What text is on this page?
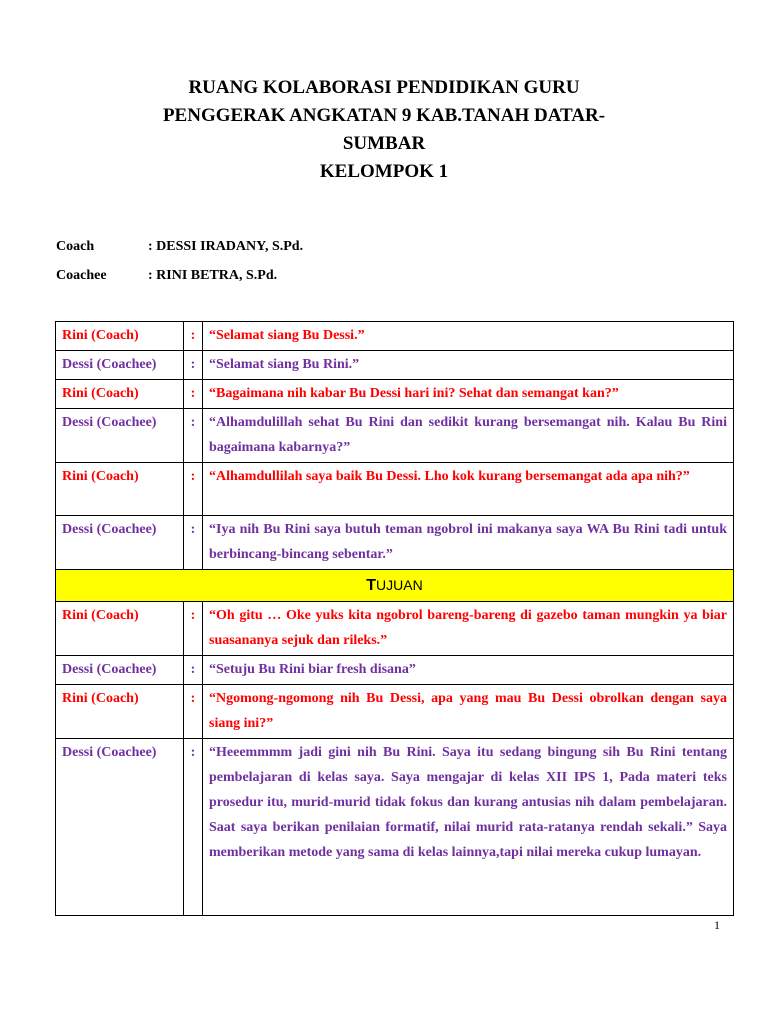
RUANG KOLABORASI PENDIDIKAN GURU
PENGGERAK ANGKATAN 9 KAB.TANAH DATAR-
SUMBAR
KELOMPOK 1
Coach	: DESSI IRADANY, S.Pd.
Coachee	: RINI BETRA, S.Pd.
Rini (Coach)	:	“Selamat siang Bu Dessi.”
Dessi (Coachee)	:	“Selamat siang Bu Rini.”
Rini (Coach)	:	“Bagaimana nih kabar Bu Dessi hari ini? Sehat dan semangat kan?”
Dessi (Coachee)	:	“Alhamdulillah sehat Bu Rini dan sedikit kurang bersemangat nih. Kalau Bu Rini bagaimana kabarnya?”
Rini (Coach)	:	“Alhamdullilah saya baik Bu Dessi. Lho kok kurang bersemangat ada apa nih?”
Dessi (Coachee)	:	“Iya nih Bu Rini saya butuh teman ngobrol ini makanya saya WA Bu Rini tadi untuk berbincang-bincang sebentar.”
TUJUAN		
Rini (Coach)	:	“Oh gitu … Oke yuks kita ngobrol bareng-bareng di gazebo taman mungkin ya biar suasananya sejuk dan rileks.”
Dessi (Coachee)	:	“Setuju Bu Rini biar fresh disana”
Rini (Coach)	:	“Ngomong-ngomong nih Bu Dessi, apa yang mau Bu Dessi obrolkan dengan saya siang ini?”
Dessi (Coachee)	:	“Heeemmmm jadi gini nih Bu Rini. Saya itu sedang bingung sih Bu Rini tentang pembelajaran di kelas saya. Saya mengajar di kelas XII IPS 1, Pada materi teks prosedur itu, murid-murid tidak fokus dan kurang antusias nih dalam pembelajaran. Saat saya berikan penilaian formatif, nilai murid rata-ratanya rendah sekali.” Saya memberikan metode yang sama di kelas lainnya,tapi nilai mereka cukup lumayan.
1
